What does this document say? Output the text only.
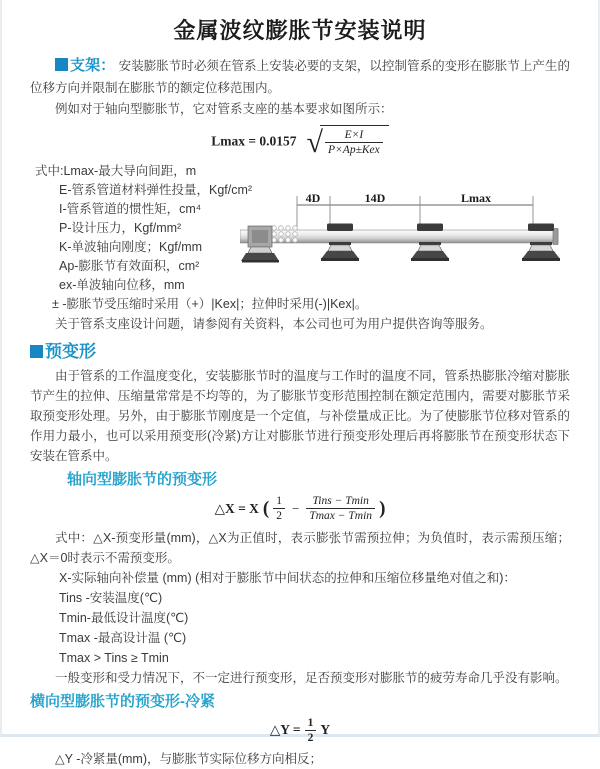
金属波纹膨胀节安装说明

支架： 安装膨胀节时必须在管系上安装必要的支架，以控制管系的变形在膨胀节上产生的位移方向并限制在膨胀节的额定位移范围内。

例如对于轴向型膨胀节，它对管系支座的基本要求如图所示：

Lmax = 0.0157 √ $\frac{E\times I}{\text{P×Ap±Kex}}$

式中:Lmax-最大导向间距，m

E-管系管道材料弹性投量，Kgf/cm²

I-管系管道的惯性矩，cm⁴

P-设计压力，Kgf/mm²

K-单波轴向刚度；Kgf/mm

Ap-膨胀节有效面积，cm²

ex-单波轴向位移，mm

± -膨胀节受压缩时采用（+）|Kex|；拉伸时采用(-)|Kex|。

关于管系支座设计问题，请参阅有关资料，本公司也可为用户提供咨询等服务。

4D	14D	Lmax

预变形

由于管系的工作温度变化，安装膨胀节时的温度与工作时的温度不同，管系热膨胀冷缩对膨胀节产生的拉伸、压缩量常常是不均等的，为了膨胀节变形范围控制在额定范围内，需要对膨胀节采取预变形处理。另外，由于膨胀节刚度是一个定值，与补偿量成正比。为了使膨胀节位移对管系的作用力最小，也可以采用预变形(冷紧)方让对膨胀节进行预变形处理后再将膨胀节在预变形状态下安装在管系中。

轴向型膨胀节的预变形

△X = X ( $\frac{1}{2} - \frac{\text{Tins − Tmin}}{Tmax - Tmin}$ )

式中：△X-预变形量(mm)，△X为正值时，表示膨张节需预拉伸；为负值时，表示需预压缩；△X＝0时表示不需预变形。

X-实际轴向补偿量 (mm) (相对于膨胀节中间状态的拉伸和压缩位移量绝对值之和)：

Tins -安装温度(℃)

Tmin-最低设计温度(℃)

Tmax -最高设计温 (℃)

Tmax > Tins ≥ Tmin

一般变形和受力情况下，不一定进行预变形，足否预变形对膨胀节的疲劳寿命几乎没有影响。

横向型膨胀节的预变形-冷紧

△Y = $\frac{1}{2}$ Y

△Y -冷紧量(mm)，与膨胀节实际位移方向相反；
